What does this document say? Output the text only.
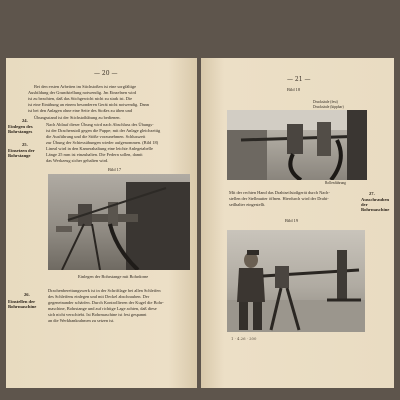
— 20 —
Bei den ersten Arbeiten im Stichstoßen ist eine sorgfältige
Ausbildung der Grundstellung notwendig. Jm Einzelnen wird
ist zu beachten, daß das Stichgewicht nicht zu stark ist. Die
ist eine Einübung an einem besonderen Gerät nicht notwendig. Dann
ist bei den Anlagen ohne eine Seite des Stoßes zu üben und
Übungsstand ist der Stichstoßübung zu bedienen.
24.
Einlegen des Bohrstanges
Nach Ablauf dieser Übung wird nach Abschluss des Übungs-
ist der Drachenstoß gegen die Puppe; mit der Anlage gleichzeitig
die Ausführung und die Stöße vorzunehmen. Schlusszeit
zur Übung der Schiessübungen wieder aufgenommen. (Bild 18)
25.
Einsetzen der Bohrstange
Lineal wird in den Kamerahaltung eine leichte Anlegetabelle
Länge 25 mm ist einzuhalten. Die Federn sollen, damit
das Werkzeug sicher gehalten wird.
Bild 17
Einlegen der Bohrstange mit Bohrdorne
26.
Einstellen der Bohrmaschine
Drachenbereitungswerk ist in der Schriftlage bei allen Schleifen
des Schleifens einlegen und mit Deckel abschrauben. Der
gegeneinander schärfen. Durch Kontrollieren der Kugel die Bohr-
maschine, Bohrstange und auf richtige Lage achten, daß diese
sich nicht verschiebt. Ist Bohrmaschine ist fest gespannt
an die Werkbankrahmen zu setzen ist.
— 21 —
Bild 18
Drucksäule (fest)
Drucksäule (kippbar)
Rollenführung
Mit der rechten Hand das Drahtseilstoßgerät durch Nach-
stellen der Stellmutter öffnen. Hierdurch wird der Draht-
seilhalter eingestellt.
27.
Ausschrauben der Bohrmaschine
Bild 19
1 · 4.26 · 200
